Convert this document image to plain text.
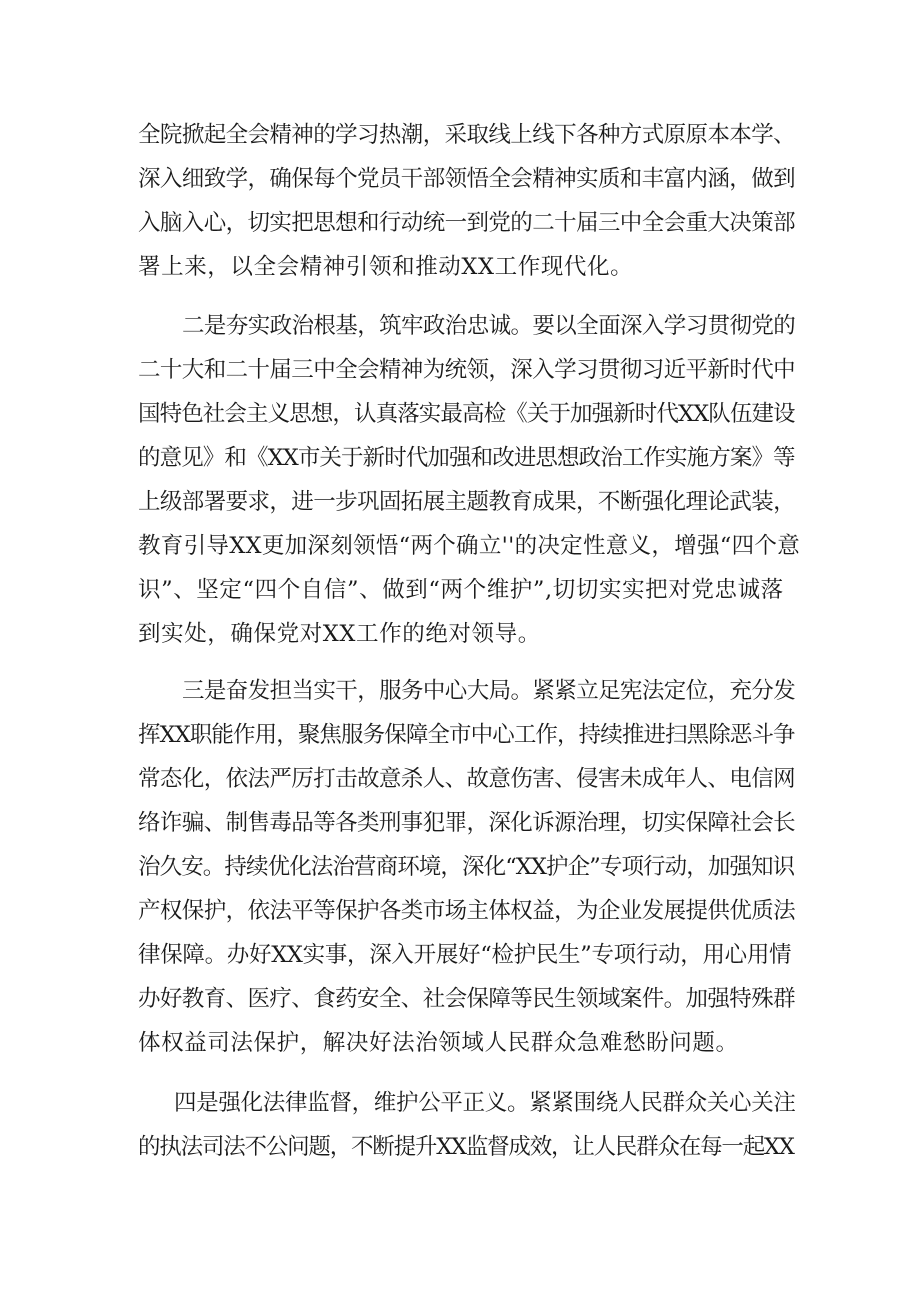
全院掀起全会精神的学习热潮，采取线上线下各种方式原原本本学、
深入细致学，确保每个党员干部领悟全会精神实质和丰富内涵，做到
入脑入心，切实把思想和行动统一到党的二十届三中全会重大决策部
署上来，以全会精神引领和推动XX工作现代化。
二是夯实政治根基，筑牢政治忠诚。要以全面深入学习贯彻党的
二十大和二十届三中全会精神为统领，深入学习贯彻习近平新时代中
国特色社会主义思想，认真落实最高检《关于加强新时代XX队伍建设
的意见》和《XX市关于新时代加强和改进思想政治工作实施方案》等
上级部署要求，进一步巩固拓展主题教育成果，不断强化理论武装，
教育引导XX更加深刻领悟“两个确立''的决定性意义，增强“四个意
识”、坚定“四个自信”、做到“两个维护”,切切实实把对党忠诚落
到实处，确保党对XX工作的绝对领导。
三是奋发担当实干，服务中心大局。紧紧立足宪法定位，充分发
挥XX职能作用，聚焦服务保障全市中心工作，持续推进扫黑除恶斗争
常态化，依法严厉打击故意杀人、故意伤害、侵害未成年人、电信网
络诈骗、制售毒品等各类刑事犯罪，深化诉源治理，切实保障社会长
治久安。持续优化法治营商环境，深化“XX护企”专项行动，加强知识
产权保护，依法平等保护各类市场主体权益，为企业发展提供优质法
律保障。办好XX实事，深入开展好“检护民生”专项行动，用心用情
办好教育、医疗、食药安全、社会保障等民生领域案件。加强特殊群
体权益司法保护，解决好法治领域人民群众急难愁盼问题。
四是强化法律监督，维护公平正义。紧紧围绕人民群众关心关注
的执法司法不公问题，不断提升XX监督成效，让人民群众在每一起XX
